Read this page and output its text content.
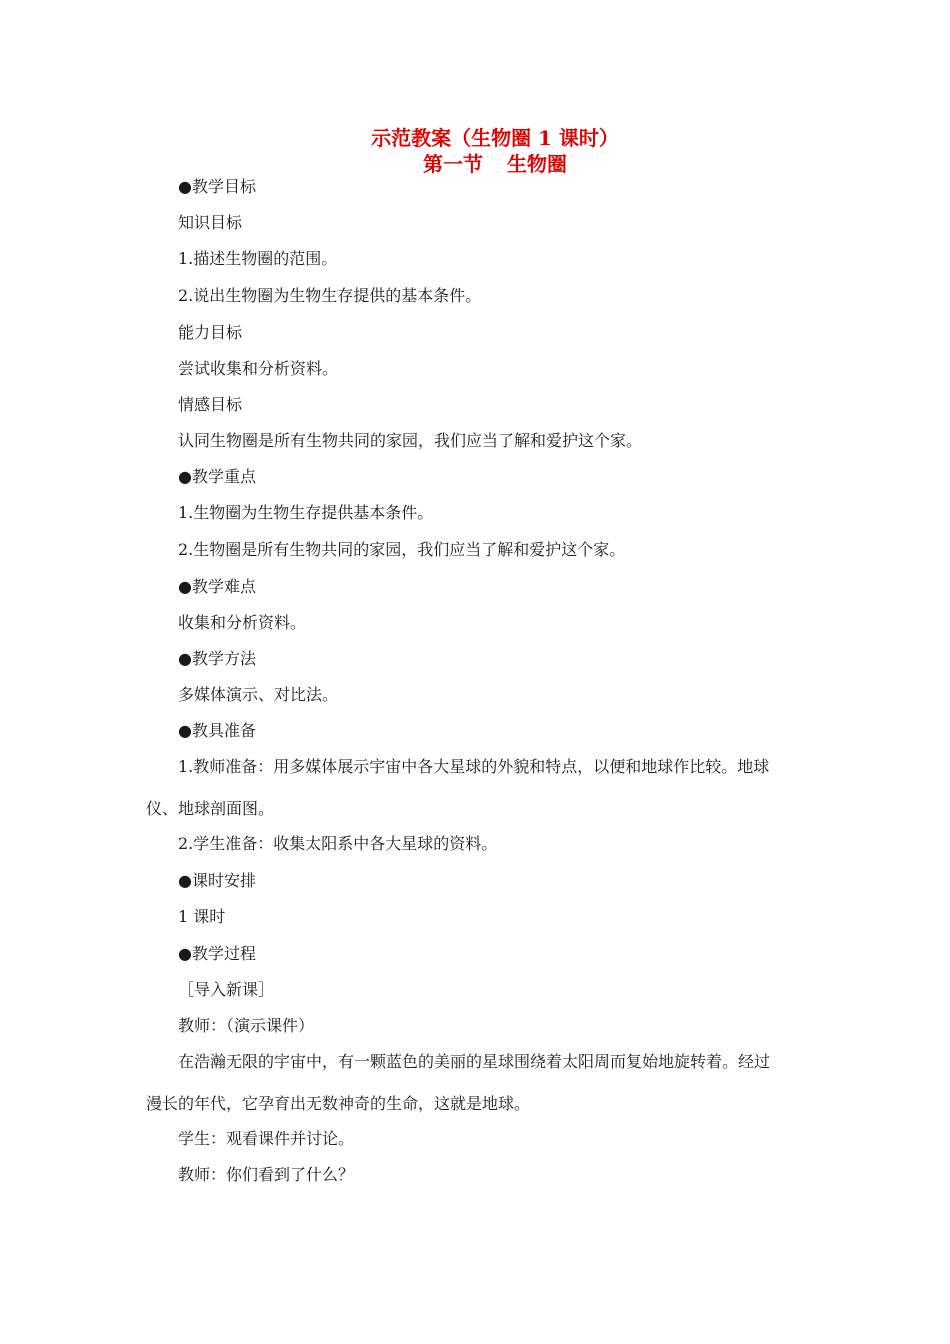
示范教案（生物圈 1 课时）

第一节 生物圈

●教学目标

知识目标

1.描述生物圈的范围。

2.说出生物圈为生物生存提供的基本条件。

能力目标

尝试收集和分析资料。

情感目标

认同生物圈是所有生物共同的家园，我们应当了解和爱护这个家。

●教学重点

1.生物圈为生物生存提供基本条件。

2.生物圈是所有生物共同的家园，我们应当了解和爱护这个家。

●教学难点

收集和分析资料。

●教学方法

多媒体演示、对比法。

●教具准备

1.教师准备：用多媒体展示宇宙中各大星球的外貌和特点，以便和地球作比较。地球

仪、地球剖面图。

2.学生准备：收集太阳系中各大星球的资料。

●课时安排

1 课时

●教学过程

［导入新课］

教师：（演示课件）

在浩瀚无限的宇宙中，有一颗蓝色的美丽的星球围绕着太阳周而复始地旋转着。经过

漫长的年代，它孕育出无数神奇的生命，这就是地球。

学生：观看课件并讨论。

教师：你们看到了什么？
